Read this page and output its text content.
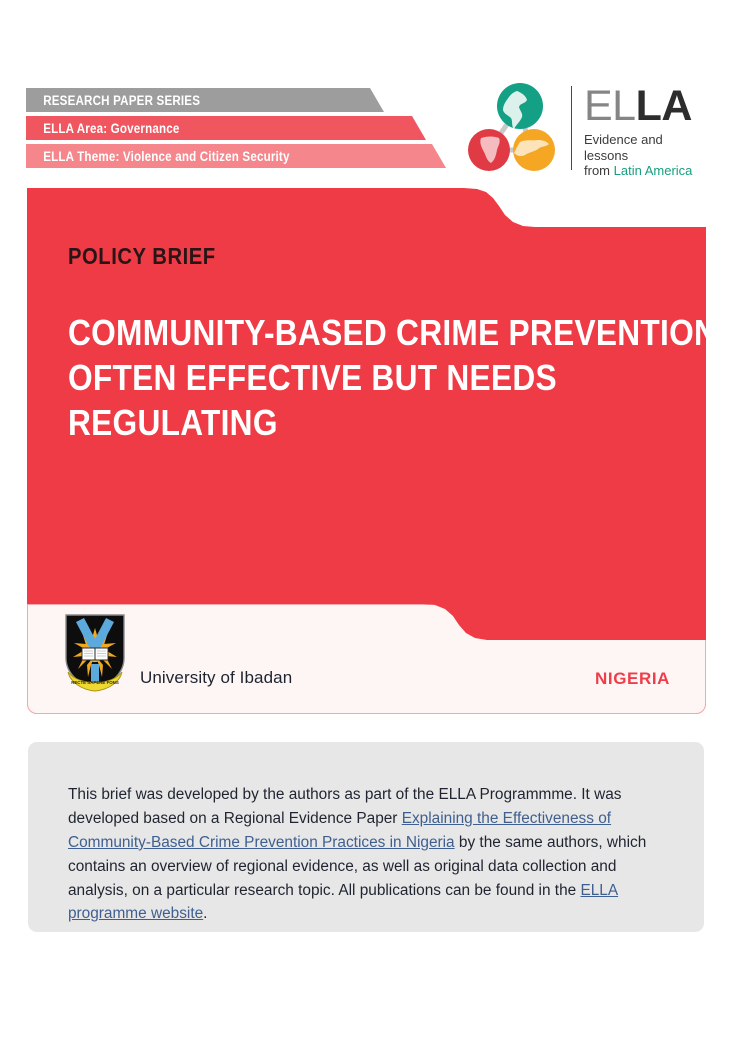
RESEARCH PAPER SERIES
ELLA Area: Governance
ELLA Theme: Violence and Citizen Security
ELLA
Evidence and lessons
from Latin America
POLICY BRIEF
COMMUNITY-BASED CRIME PREVENTION:
OFTEN EFFECTIVE BUT NEEDS
REGULATING
RECTE SAPERE FONS University of Ibadan	NIGERIA

This brief was developed by the authors as part of the ELLA Programmme. It was developed based on a Regional Evidence Paper Explaining the Effectiveness of Community-Based Crime Prevention Practices in Nigeria by the same authors, which contains an overview of regional evidence, as well as original data collection and analysis, on a particular research topic. All publications can be found in the ELLA programme website.
